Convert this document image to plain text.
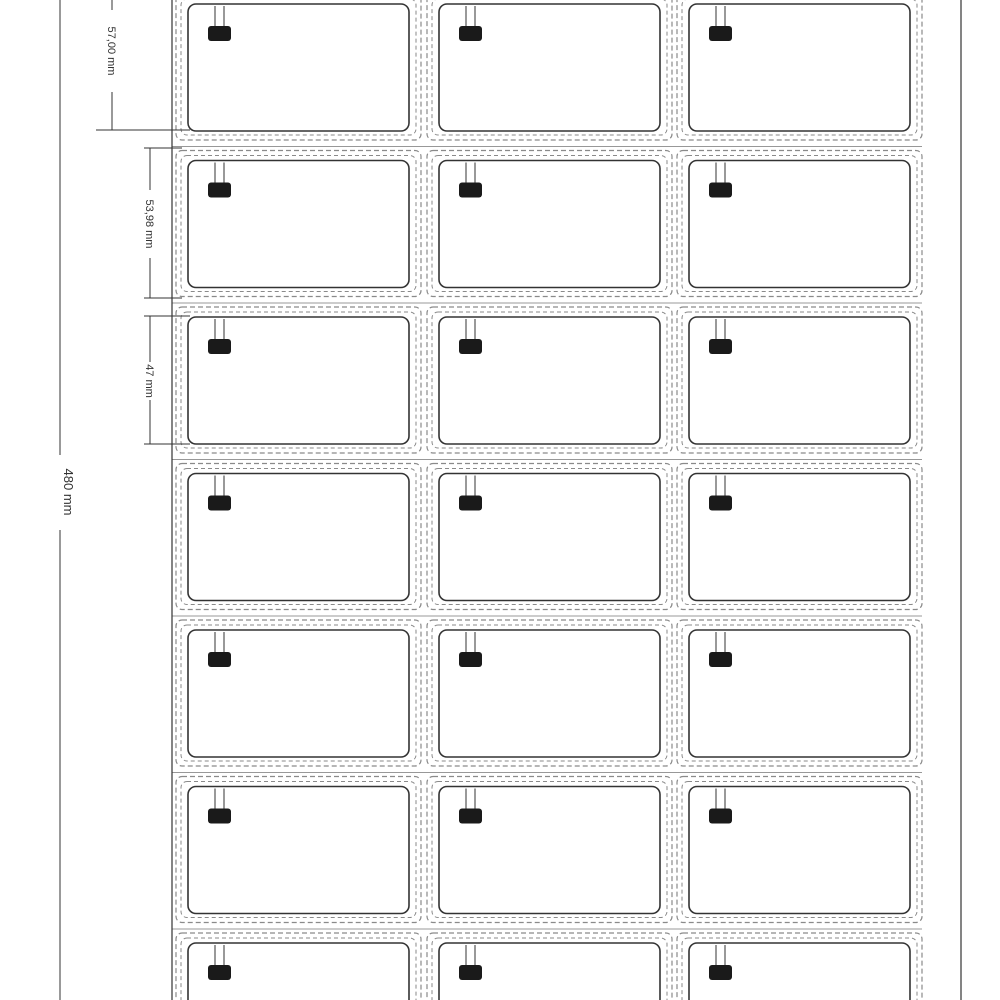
480 mm
57,00 mm
53,98 mm
47 mm
